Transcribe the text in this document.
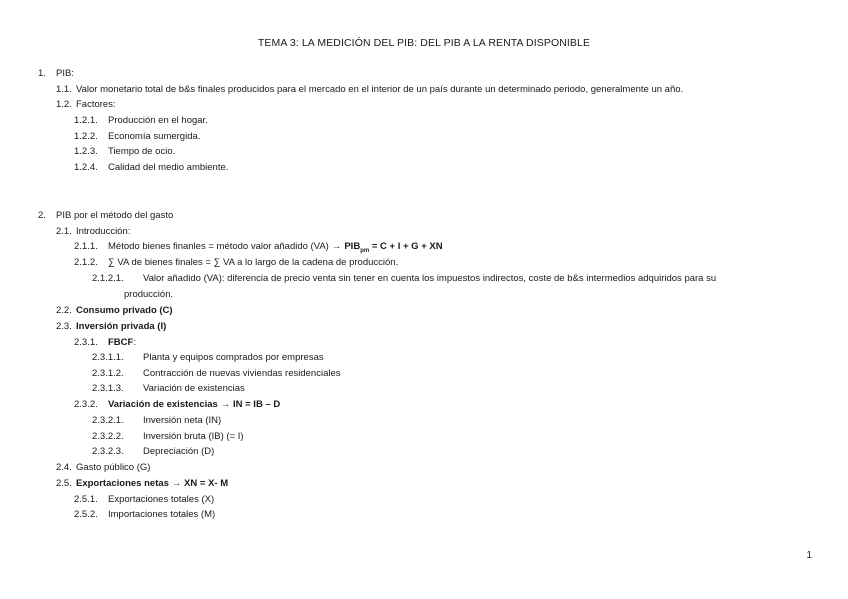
TEMA 3: LA MEDICIÓN DEL PIB: DEL PIB A LA RENTA DISPONIBLE
1. PIB:
1.1. Valor monetario total de b&s finales producidos para el mercado en el interior de un país durante un determinado periodo, generalmente un año.
1.2. Factores:
1.2.1. Producción en el hogar.
1.2.2. Economía sumergida.
1.2.3. Tiempo de ocio.
1.2.4. Calidad del medio ambiente.
2. PIB por el método del gasto
2.1. Introducción:
2.1.1. Método bienes finanles = método valor añadido $(VA) \to PIB_{pm} = C + I + G$ + XN
2.1.2. ∑ VA de bienes finales = ∑ VA a lo largo de la cadena de producción.
2.1.2.1. Valor añadido (VA): diferencia de precio venta sin tener en cuenta los impuestos indirectos, coste de b&s intermedios adquiridos para su
producción.
2.2. Consumo privado (C)
2.3. Inversión privada (I)
2.3.1. FBCF:
2.3.1.1. Planta y equipos comprados por empresas
2.3.1.2. Contracción de nuevas viviendas residenciales
2.3.1.3. Variación de existencias
2.3.2. Variación de existencias → IN = IB – D
2.3.2.1. Inversión neta (IN)
2.3.2.2. Inversión bruta (IB) (= I)
2.3.2.3. Depreciación (D)
2.4. Gasto público (G)
2.5. Exportaciones netas → XN = X- M
2.5.1. Exportaciones totales (X)
2.5.2. Importaciones totales (M)
1
